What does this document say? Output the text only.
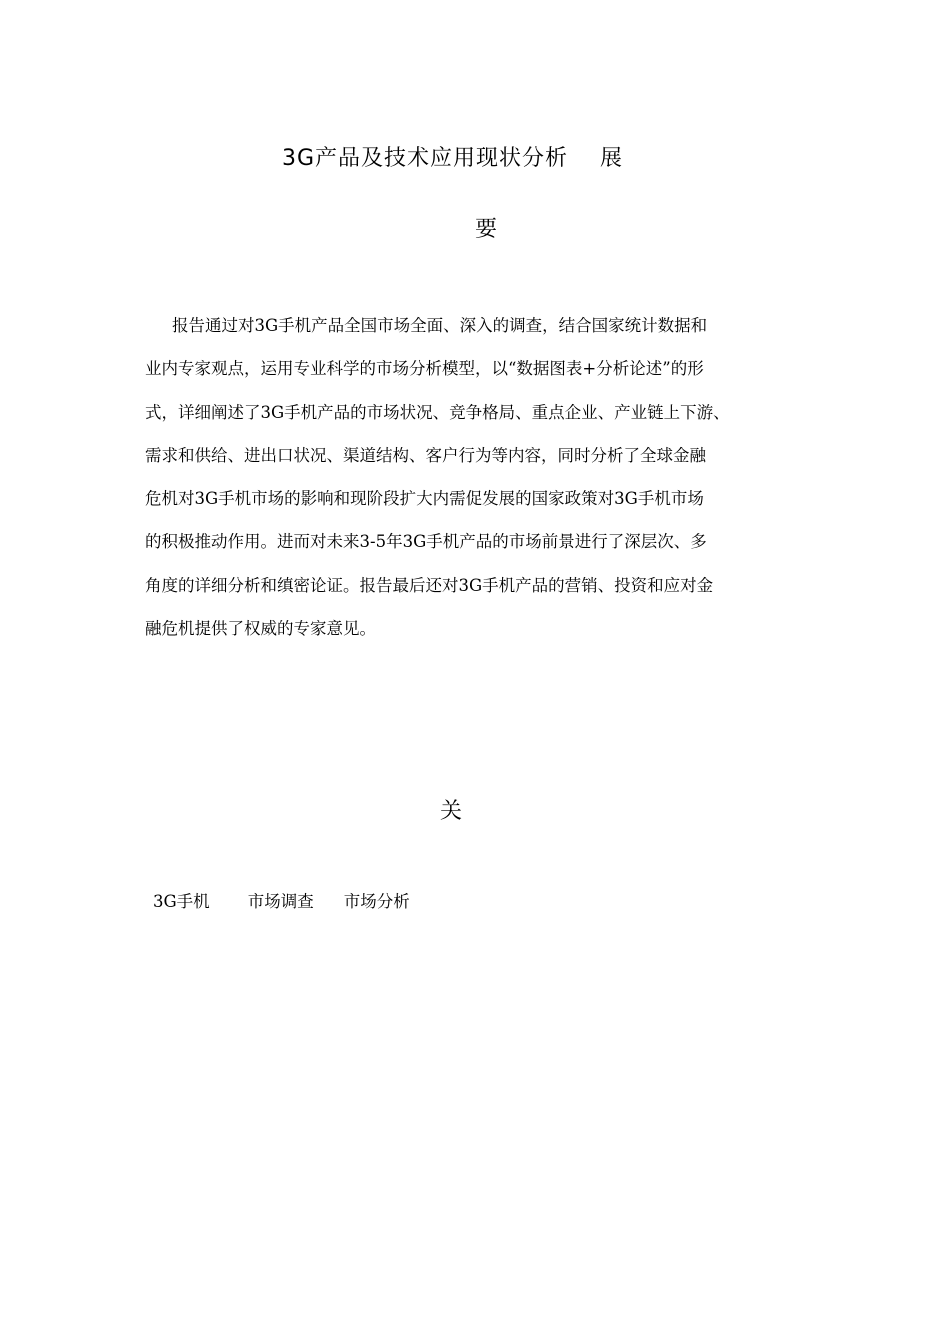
3G产品及技术应用现状分析 展
要
报告通过对3G手机产品全国市场全面、深入的调查，结合国家统计数据和
业内专家观点，运用专业科学的市场分析模型，以“数据图表+分析论述”的形
式，详细阐述了3G手机产品的市场状况、竞争格局、重点企业、产业链上下游、
需求和供给、进出口状况、渠道结构、客户行为等内容，同时分析了全球金融
危机对3G手机市场的影响和现阶段扩大内需促发展的国家政策对3G手机市场
的积极推动作用。进而对未来3-5年3G手机产品的市场前景进行了深层次、多
角度的详细分析和缜密论证。报告最后还对3G手机产品的营销、投资和应对金
融危机提供了权威的专家意见。
关
3G手机 市场调查 市场分析
